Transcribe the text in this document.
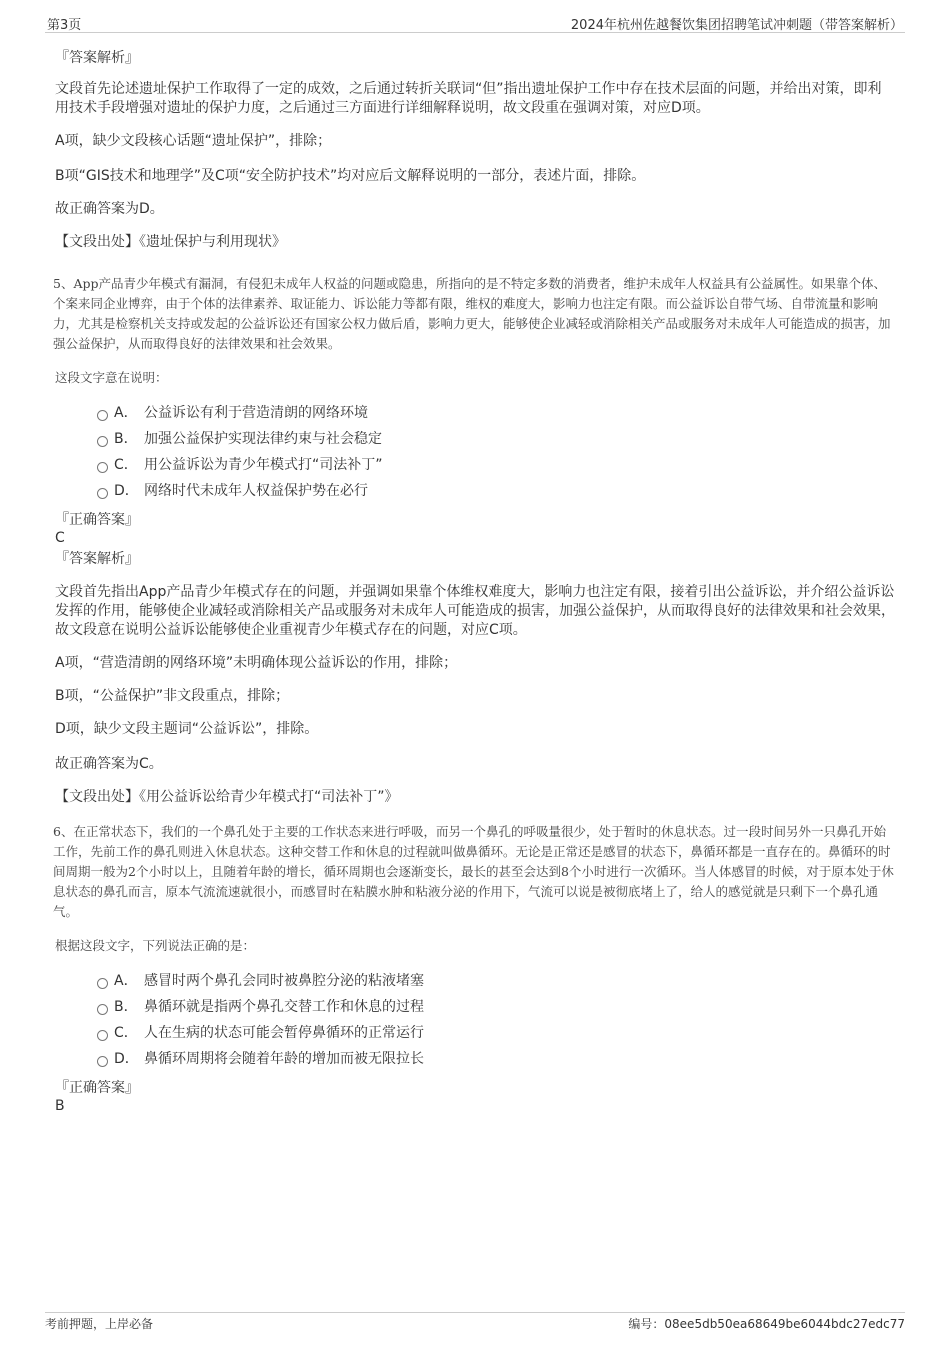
第3页	2024年杭州佐越餐饮集团招聘笔试冲刺题（带答案解析）
『答案解析』
文段首先论述遗址保护工作取得了一定的成效，之后通过转折关联词“但”指出遗址保护工作中存在技术层面的问题，并给出对策，即利用技术手段增强对遗址的保护力度，之后通过三方面进行详细解释说明，故文段重在强调对策，对应D项。
A项，缺少文段核心话题“遗址保护”，排除；
B项“GIS技术和地理学”及C项“安全防护技术”均对应后文解释说明的一部分，表述片面，排除。
故正确答案为D。
【文段出处】《遗址保护与利用现状》
5、App产品青少年模式有漏洞，有侵犯未成年人权益的问题或隐患，所指向的是不特定多数的消费者，维护未成年人权益具有公益属性。如果靠个体、个案来同企业博弈，由于个体的法律素养、取证能力、诉讼能力等都有限，维权的难度大，影响力也注定有限。而公益诉讼自带气场、自带流量和影响力，尤其是检察机关支持或发起的公益诉讼还有国家公权力做后盾，影响力更大，能够使企业减轻或消除相关产品或服务对未成年人可能造成的损害，加强公益保护，从而取得良好的法律效果和社会效果。
这段文字意在说明：
A． 公益诉讼有利于营造清朗的网络环境
B． 加强公益保护实现法律约束与社会稳定
C． 用公益诉讼为青少年模式打“司法补丁”
D． 网络时代未成年人权益保护势在必行
『正确答案』
C
『答案解析』
文段首先指出App产品青少年模式存在的问题，并强调如果靠个体维权难度大，影响力也注定有限，接着引出公益诉讼，并介绍公益诉讼发挥的作用，能够使企业减轻或消除相关产品或服务对未成年人可能造成的损害，加强公益保护，从而取得良好的法律效果和社会效果，故文段意在说明公益诉讼能够使企业重视青少年模式存在的问题，对应C项。
A项，“营造清朗的网络环境”未明确体现公益诉讼的作用，排除；
B项，“公益保护”非文段重点，排除；
D项，缺少文段主题词“公益诉讼”，排除。
故正确答案为C。
【文段出处】《用公益诉讼给青少年模式打“司法补丁”》
6、在正常状态下，我们的一个鼻孔处于主要的工作状态来进行呼吸，而另一个鼻孔的呼吸量很少，处于暂时的休息状态。过一段时间另外一只鼻孔开始工作，先前工作的鼻孔则进入休息状态。这种交替工作和休息的过程就叫做鼻循环。无论是正常还是感冒的状态下，鼻循环都是一直存在的。鼻循环的时间周期一般为2个小时以上，且随着年龄的增长，循环周期也会逐渐变长，最长的甚至会达到8个小时进行一次循环。当人体感冒的时候，对于原本处于休息状态的鼻孔而言，原本气流流速就很小，而感冒时在粘膜水肿和粘液分泌的作用下，气流可以说是被彻底堵上了，给人的感觉就是只剩下一个鼻孔通气。
根据这段文字，下列说法正确的是：
A． 感冒时两个鼻孔会同时被鼻腔分泌的粘液堵塞
B． 鼻循环就是指两个鼻孔交替工作和休息的过程
C． 人在生病的状态可能会暂停鼻循环的正常运行
D． 鼻循环周期将会随着年龄的增加而被无限拉长
『正确答案』
B
考前押题，上岸必备	编号：08ee5db50ea68649be6044bdc27edc77
